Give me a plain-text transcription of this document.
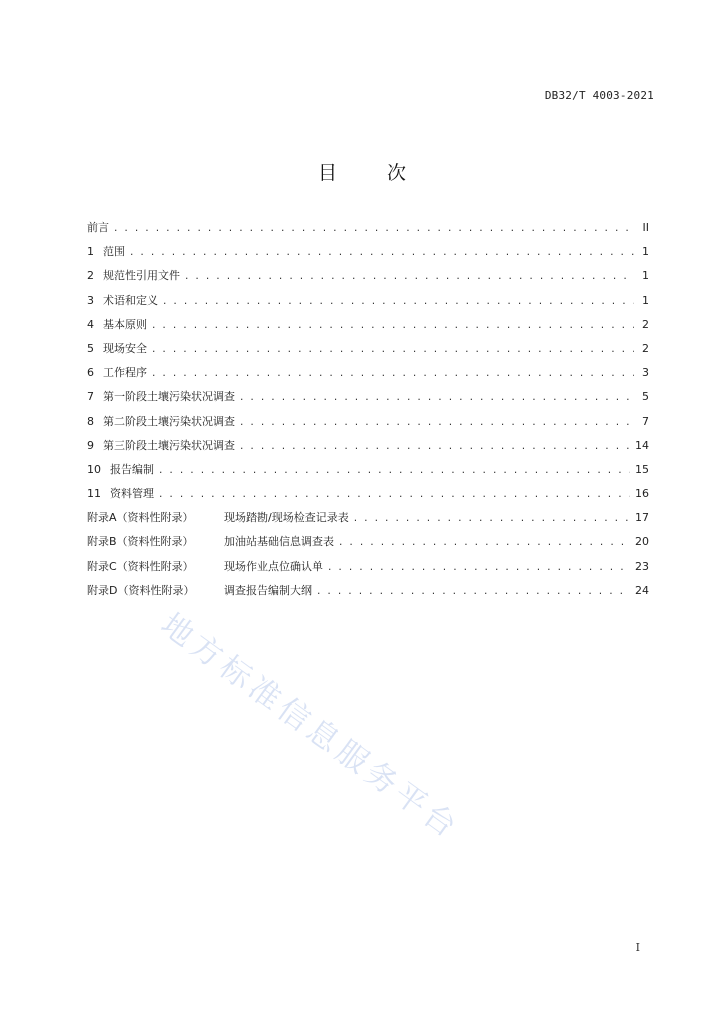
DB32/T 4003-2021
目 次
前言 . . .	II
1 范围 . . .	1
2 规范性引用文件 . . .	1
3 术语和定义 . . .	1
4 基本原则 . . .	2
5 现场安全 . . .	2
6 工作程序 . . .	3
7 第一阶段土壤污染状况调查 . . .	5
8 第二阶段土壤污染状况调查 . . .	7
9 第三阶段土壤污染状况调查 . . .	14
10 报告编制 . . .	15
11 资料管理 . . .	16
附录A（资料性附录）	现场踏勘/现场检查记录表 . . .	17
附录B（资料性附录）	加油站基础信息调查表 . . .	20
附录C（资料性附录）	现场作业点位确认单 . . .	23
附录D（资料性附录）	调查报告编制大纲 . . .	24
地方标准信息服务平台
I
